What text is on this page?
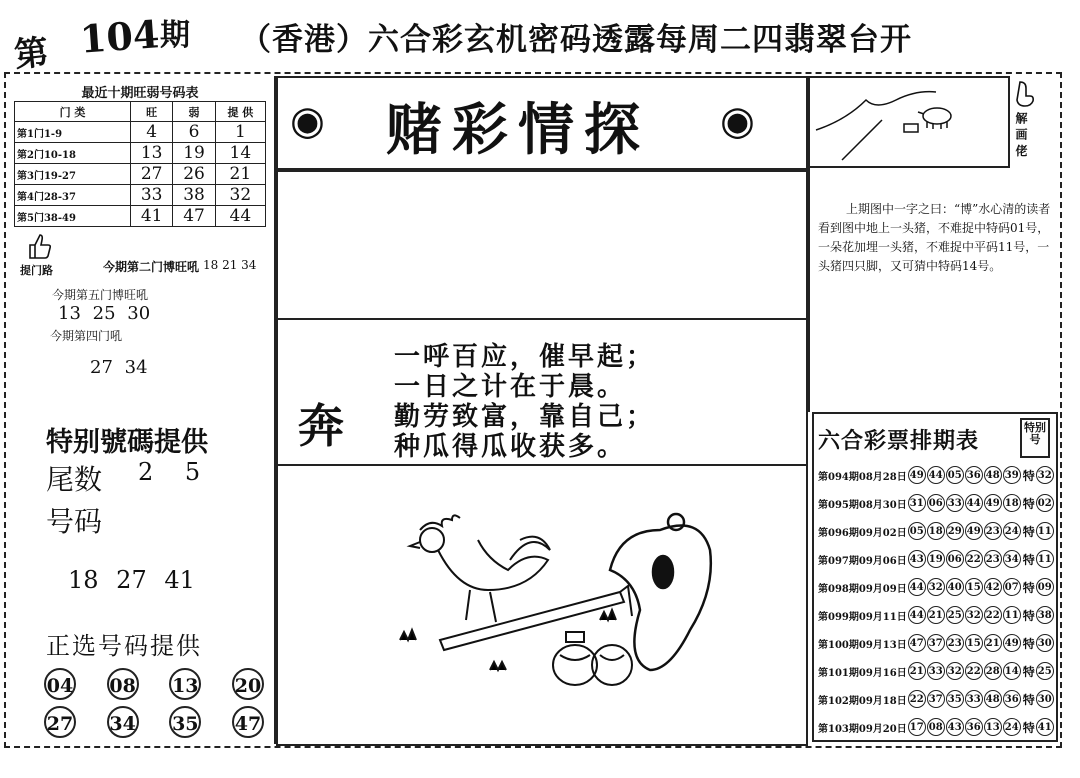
第 104 期 （香港）六合彩玄机密码透露每周二四翡翠台开
最近十期旺弱号码表			
门 类	旺	弱	提 供
第1门1-9	4	6	1
第2门10-18	13	19	14
第3门19-27	27	26	21
第4门28-37	33	38	32
第5门38-49	41	47	44
提门路	今期第二门博旺吼 18 21 34
今期第五门博旺吼
13 25 30
今期第四门吼
27 34
特别號碼提供
尾数 2 5
号码
18 27 41
正选号码提供
04 08 13 20
27 34 35 47
◉ 赌彩情探 ◉
奔
一呼百应，催早起；
一日之计在于晨。
勤劳致富，靠自己；
种瓜得瓜收获多。
解 画 佬
上期图中一字之曰：“博”水心清的读者看到图中地上一头猪，不难捉中特码01号，一朵花加埋一头猪，不难捉中平码11号，一头猪四只脚，又可猜中特码14号。
六合彩票排期表
特别号
第094期08月28日 49 44 05 36 48 39 特 32
第095期08月30日 31 06 33 44 49 18 特 02
第096期09月02日 05 18 29 49 23 24 特 11
第097期09月06日 43 19 06 22 23 34 特 11
第098期09月09日 44 32 40 15 42 07 特 09
第099期09月11日 44 21 25 32 22 11 特 38
第100期09月13日 47 37 23 15 21 49 特 30
第101期09月16日 21 33 32 22 28 14 特 25
第102期09月18日 22 37 35 33 48 36 特 30
第103期09月20日 17 08 43 36 13 24 特 41
